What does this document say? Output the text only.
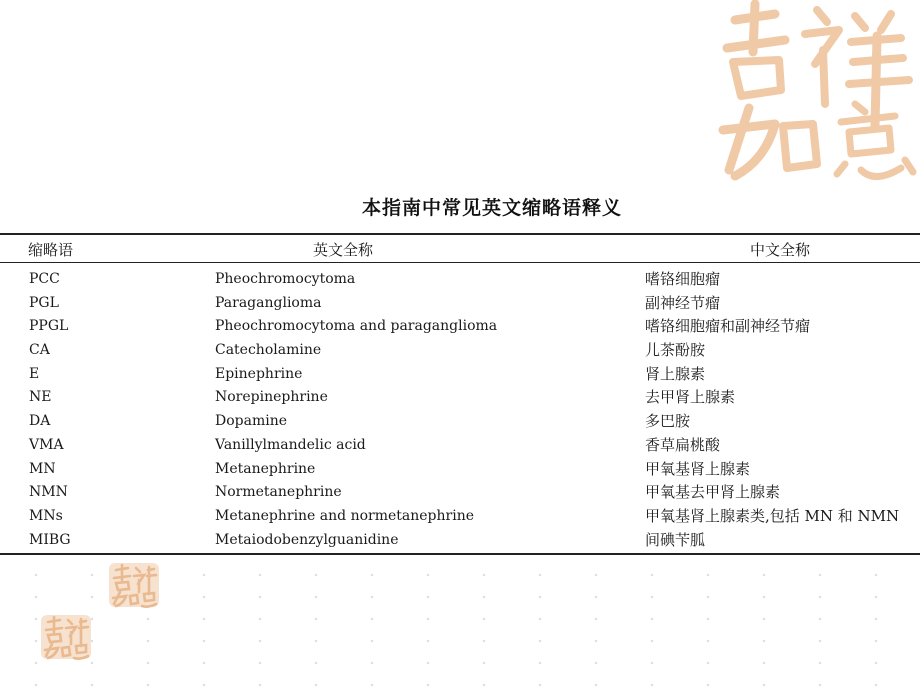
本指南中常见英文缩略语释义
缩略语	英文全称	中文全称
PCC	Pheochromocytoma	嗜铬细胞瘤
PGL	Paraganglioma	副神经节瘤
PPGL	Pheochromocytoma and paraganglioma	嗜铬细胞瘤和副神经节瘤
CA	Catecholamine	儿茶酚胺
E	Epinephrine	肾上腺素
NE	Norepinephrine	去甲肾上腺素
DA	Dopamine	多巴胺
VMA	Vanillylmandelic acid	香草扁桃酸
MN	Metanephrine	甲氧基肾上腺素
NMN	Normetanephrine	甲氧基去甲肾上腺素
MNs	Metanephrine and normetanephrine	甲氧基肾上腺素类,包括 MN 和 NMN
MIBG	Metaiodobenzylguanidine	间碘苄胍
